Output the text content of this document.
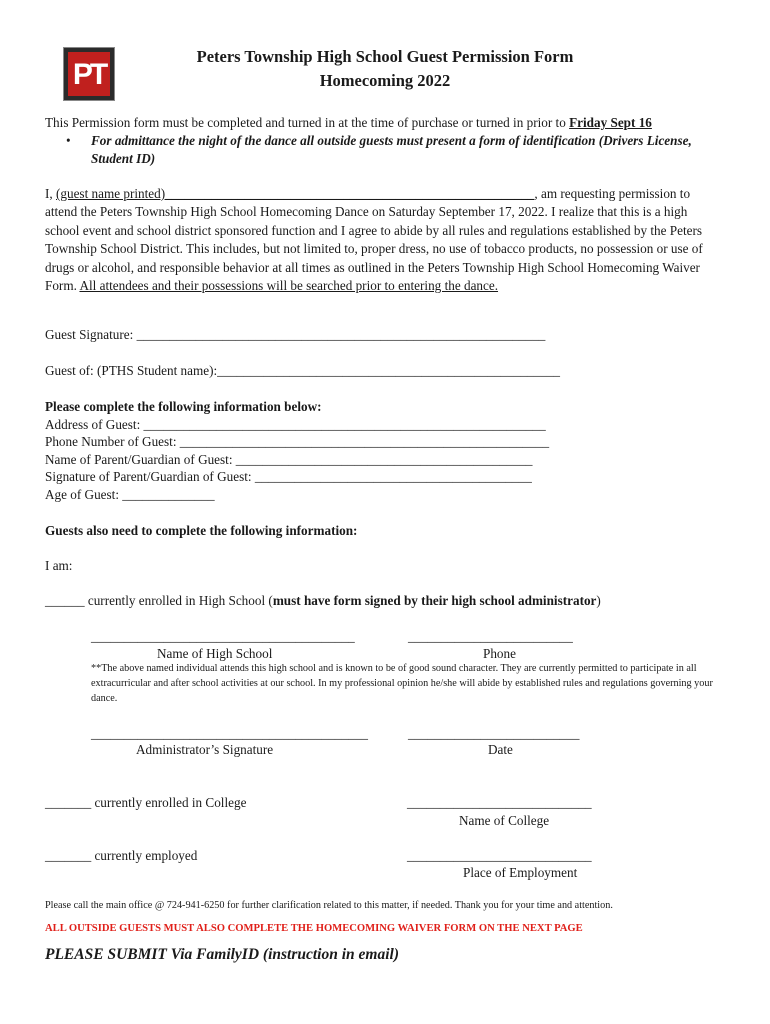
PT
Peters Township High School Guest Permission Form
Homecoming 2022
This Permission form must be completed and turned in at the time of purchase or turned in prior to Friday Sept 16
• For admittance the night of the dance all outside guests must present a form of identification (Drivers License, Student ID)
I, (guest name printed)________________________________________________________, am requesting permission to attend the Peters Township High School Homecoming Dance on Saturday September 17, 2022. I realize that this is a high school event and school district sponsored function and I agree to abide by all rules and regulations established by the Peters Township School District. This includes, but not limited to, proper dress, no use of tobacco products, no possession or use of drugs or alcohol, and responsible behavior at all times as outlined in the Peters Township High School Homecoming Waiver Form. All attendees and their possessions will be searched prior to entering the dance.
Guest Signature: ______________________________________________________________
Guest of: (PTHS Student name):____________________________________________________
Please complete the following information below:
Address of Guest: _____________________________________________________________
Phone Number of Guest: ________________________________________________________
Name of Parent/Guardian of Guest: _____________________________________________
Signature of Parent/Guardian of Guest: __________________________________________
Age of Guest: ______________
Guests also need to complete the following information:
I am:
______ currently enrolled in High School (must have form signed by their high school administrator)
________________________________________	_________________________
Name of High School	Phone
**The above named individual attends this high school and is known to be of good sound character. They are currently permitted to participate in all extracurricular and after school activities at our school. In my professional opinion he/she will abide by established rules and regulations governing your dance.
__________________________________________	__________________________
Administrator’s Signature	Date
_______ currently enrolled in College	____________________________
Name of College
_______ currently employed	____________________________
Place of Employment
Please call the main office @ 724-941-6250 for further clarification related to this matter, if needed. Thank you for your time and attention.
ALL OUTSIDE GUESTS MUST ALSO COMPLETE THE HOMECOMING WAIVER FORM ON THE NEXT PAGE
PLEASE SUBMIT Via FamilyID (instruction in email)
